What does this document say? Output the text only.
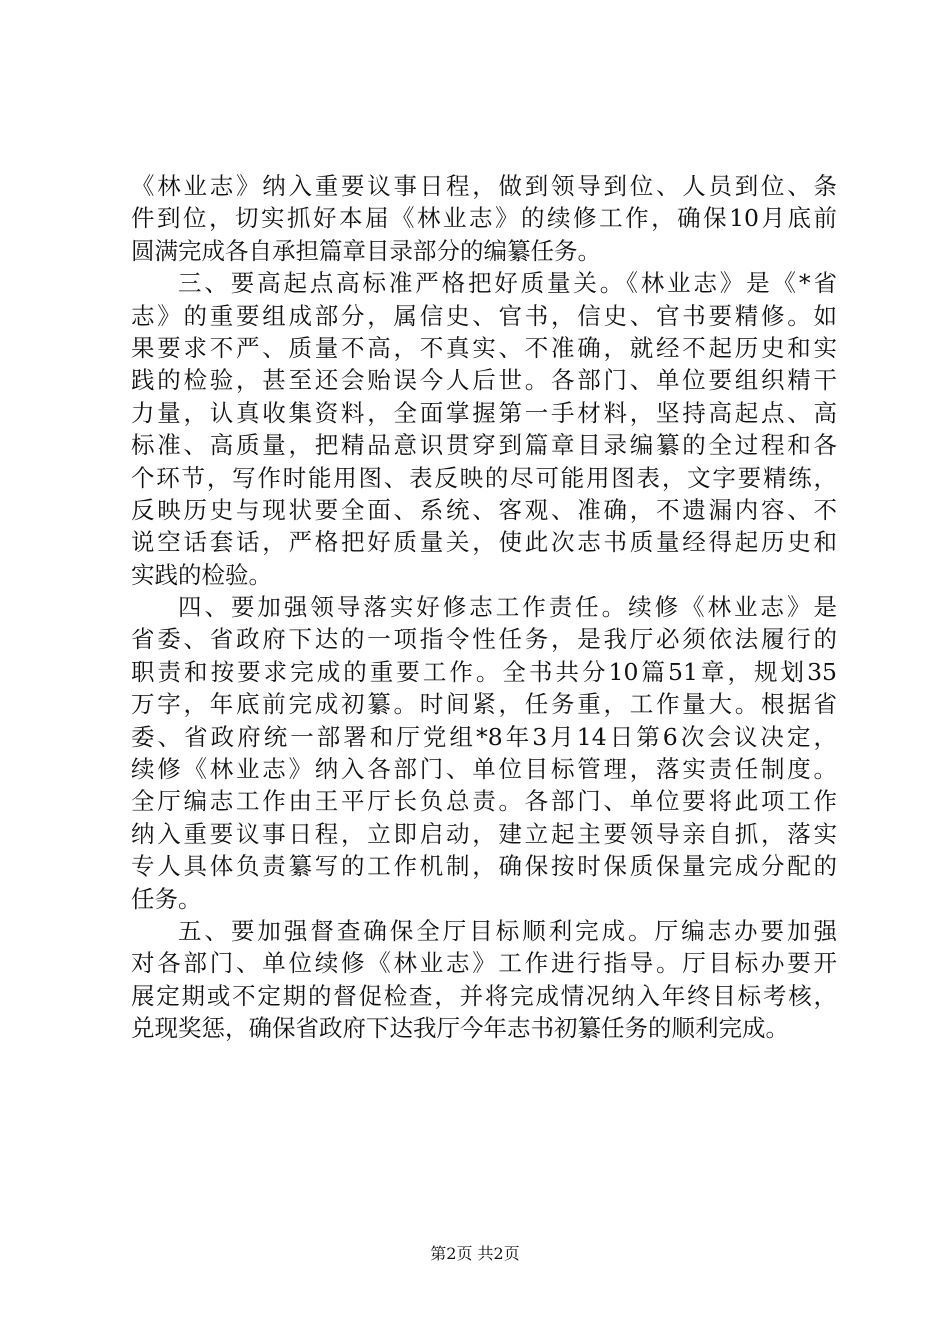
《林业志》纳入重要议事日程，做到领导到位、人员到位、条
件到位，切实抓好本届《林业志》的续修工作，确保10月底前
圆满完成各自承担篇章目录部分的编纂任务。
三、要高起点高标准严格把好质量关。《林业志》是《*省
志》的重要组成部分，属信史、官书，信史、官书要精修。如
果要求不严、质量不高，不真实、不准确，就经不起历史和实
践的检验，甚至还会贻误今人后世。各部门、单位要组织精干
力量，认真收集资料，全面掌握第一手材料，坚持高起点、高
标准、高质量，把精品意识贯穿到篇章目录编纂的全过程和各
个环节，写作时能用图、表反映的尽可能用图表，文字要精练，
反映历史与现状要全面、系统、客观、准确，不遗漏内容、不
说空话套话，严格把好质量关，使此次志书质量经得起历史和
实践的检验。
四、要加强领导落实好修志工作责任。续修《林业志》是
省委、省政府下达的一项指令性任务，是我厅必须依法履行的
职责和按要求完成的重要工作。全书共分10篇51章，规划35
万字，年底前完成初纂。时间紧，任务重，工作量大。根据省
委、省政府统一部署和厅党组*8年3月14日第6次会议决定，
续修《林业志》纳入各部门、单位目标管理，落实责任制度。
全厅编志工作由王平厅长负总责。各部门、单位要将此项工作
纳入重要议事日程，立即启动，建立起主要领导亲自抓，落实
专人具体负责纂写的工作机制，确保按时保质保量完成分配的
任务。
五、要加强督查确保全厅目标顺利完成。厅编志办要加强
对各部门、单位续修《林业志》工作进行指导。厅目标办要开
展定期或不定期的督促检查，并将完成情况纳入年终目标考核，
兑现奖惩，确保省政府下达我厅今年志书初纂任务的顺利完成。
第2页 共2页
